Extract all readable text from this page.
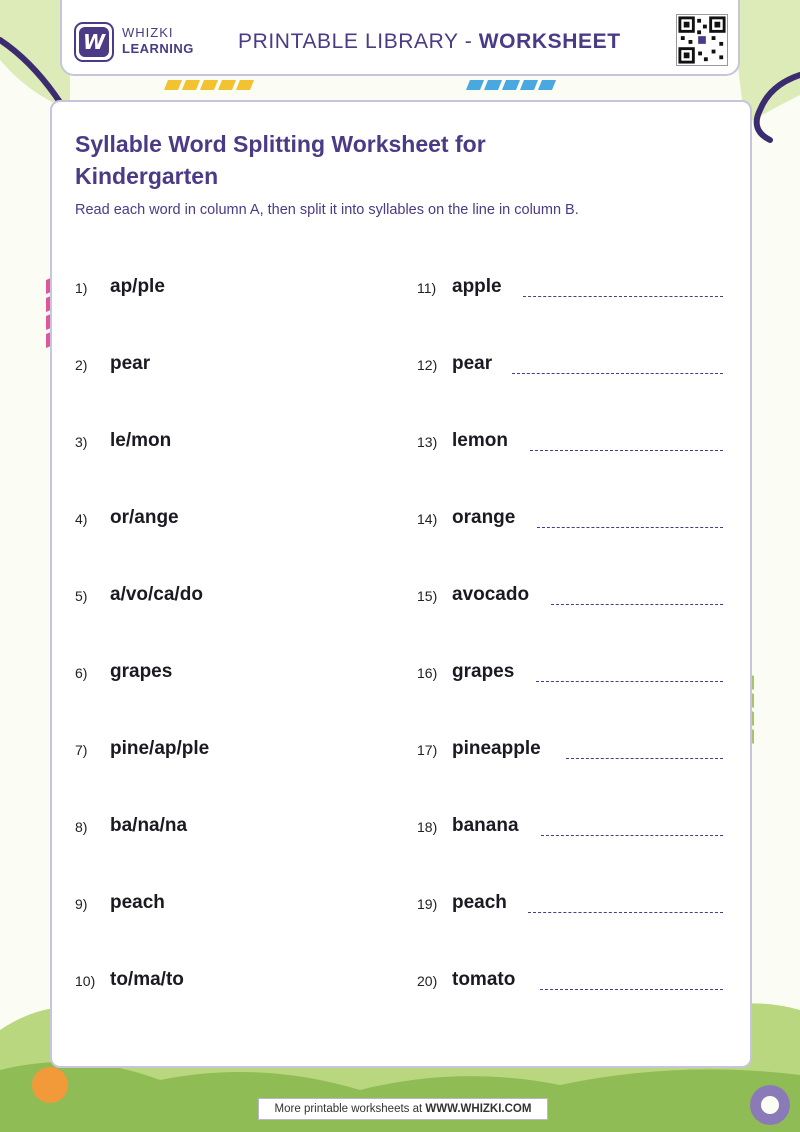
W	WHIZKI
LEARNING PRINTABLE LIBRARY - WORKSHEET
Syllable Word Splitting Worksheet for Kindergarten
Read each word in column A, then split it into syllables on the line in column B.
1) ap/ple
2) pear
3) le/mon
4) or/ange
5) a/vo/ca/do
6) grapes
7) pine/ap/ple
8) ba/na/na
9) peach
10) to/ma/to
11) apple
12) pear
13) lemon
14) orange
15) avocado
16) grapes
17) pineapple
18) banana
19) peach
20) tomato
More printable worksheets at WWW.WHIZKI.COM
